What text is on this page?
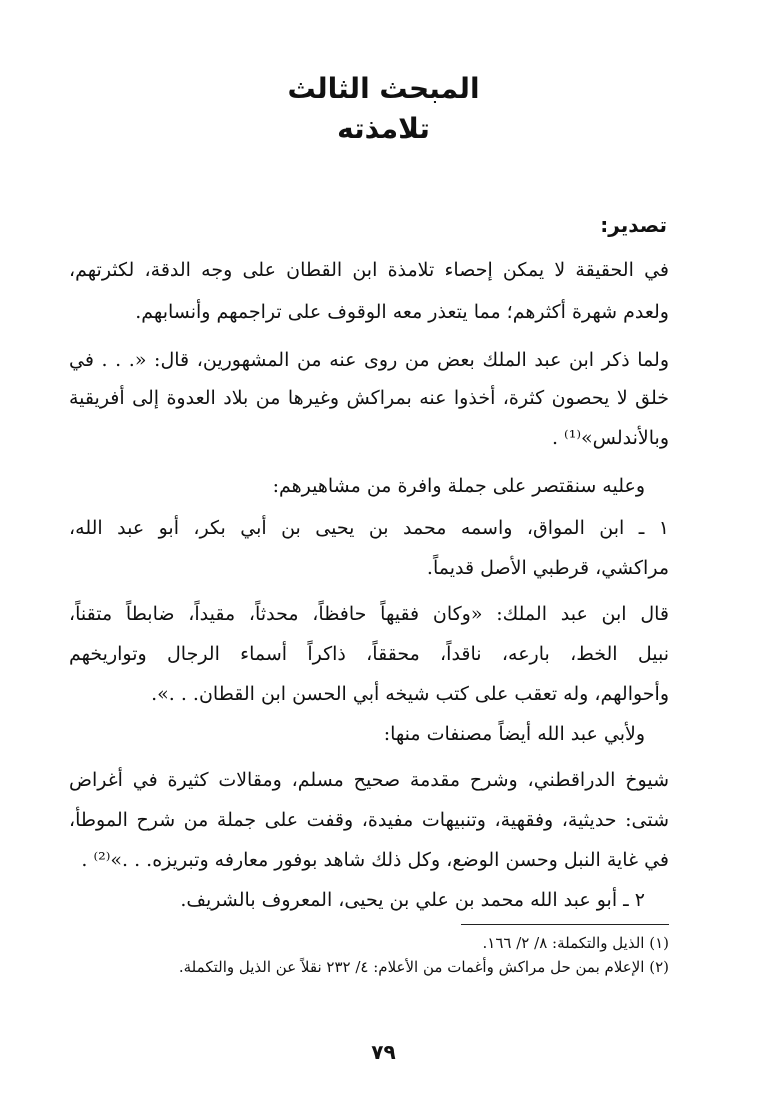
المبحث الثالث
تلامذته
تصدير:
في الحقيقة لا يمكن إحصاء تلامذة ابن القطان على وجه الدقة، لكثرتهم،
ولعدم شهرة أكثرهم؛ مما يتعذر معه الوقوف على تراجمهم وأنسابهم.
ولما ذكر ابن عبد الملك بعض من روى عنه من المشهورين، قال: «. . . في
خلق لا يحصون كثرة، أخذوا عنه بمراكش وغيرها من بلاد العدوة إلى أفريقية
وبالأندلس»⁽¹⁾ .
وعليه سنقتصر على جملة وافرة من مشاهيرهم:
١ ـ ابن المواق، واسمه محمد بن يحيى بن أبي بكر، أبو عبد الله،
مراكشي، قرطبي الأصل قديماً.
قال ابن عبد الملك: «وكان فقيهاً حافظاً، محدثاً، مقيداً، ضابطاً متقناً،
نبيل الخط، بارعه، ناقداً، محققاً، ذاكراً أسماء الرجال وتواريخهم
وأحوالهم، وله تعقب على كتب شيخه أبي الحسن ابن القطان. . .».
ولأبي عبد الله أيضاً مصنفات منها:
شيوخ الدراقطني، وشرح مقدمة صحيح مسلم، ومقالات كثيرة في أغراض
شتى: حديثية، وفقهية، وتنبيهات مفيدة، وقفت على جملة من شرح الموطأ،
في غاية النبل وحسن الوضع، وكل ذلك شاهد بوفور معارفه وتبريزه. . .»⁽²⁾ .
٢ ـ أبو عبد الله محمد بن علي بن يحيى، المعروف بالشريف.
(١) الذيل والتكملة: ٨/ ٢/ ١٦٦.
(٢) الإعلام بمن حل مراكش وأغمات من الأعلام: ٤/ ٢٣٢ نقلاً عن الذيل والتكملة.
٧٩
